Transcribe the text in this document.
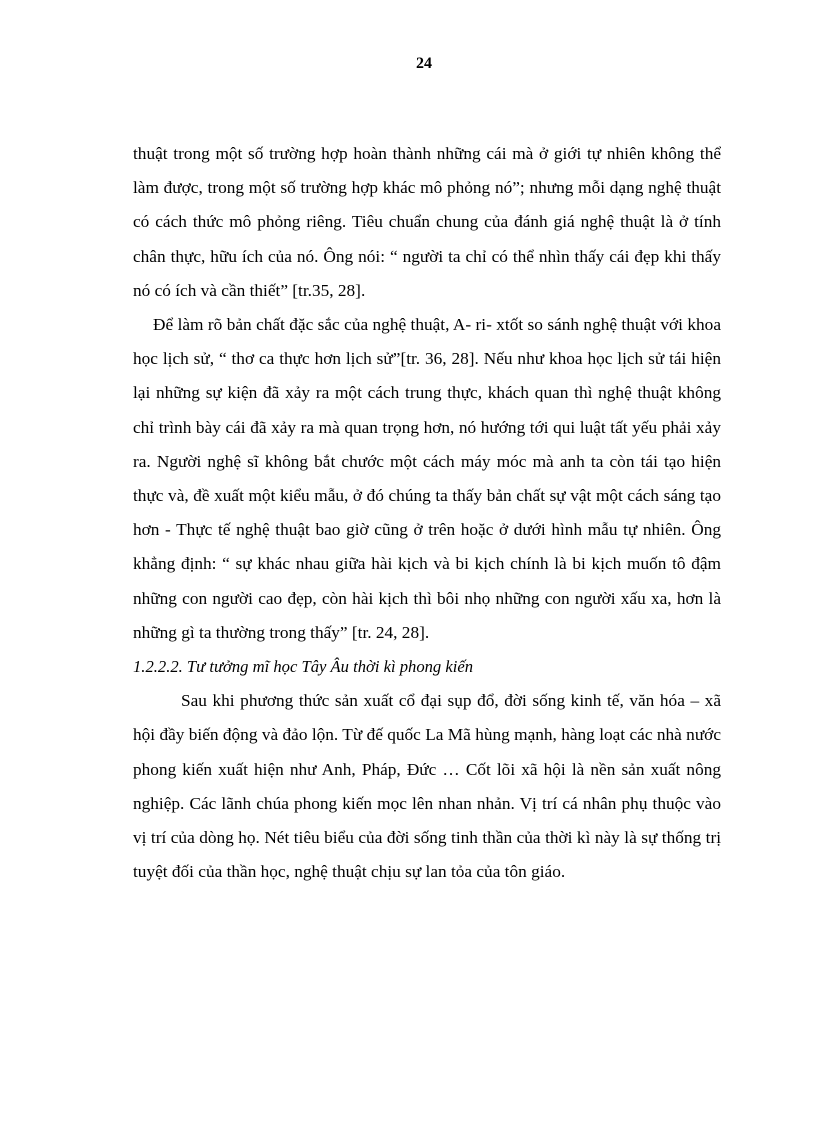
24

thuật trong một số trường hợp hoàn thành những cái mà ở giới tự nhiên không thể làm được, trong một số trường hợp khác mô phỏng nó”; nhưng mỗi dạng nghệ thuật có cách thức mô phỏng riêng. Tiêu chuẩn chung của đánh giá nghệ thuật là ở tính chân thực, hữu ích của nó. Ông nói: “ người ta chỉ có thể nhìn thấy cái đẹp khi thấy nó có ích và cần thiết” [tr.35, 28].

Để làm rõ bản chất đặc sắc của nghệ thuật, A- ri- xtốt so sánh nghệ thuật với khoa học lịch sử, “ thơ ca thực hơn lịch sử”[tr. 36, 28]. Nếu như khoa học lịch sử tái hiện lại những sự kiện đã xảy ra một cách trung thực, khách quan thì nghệ thuật không chỉ trình bày cái đã xảy ra mà quan trọng hơn, nó hướng tới qui luật tất yếu phải xảy ra. Người nghệ sĩ không bắt chước một cách máy móc mà anh ta còn tái tạo hiện thực và, đề xuất một kiểu mẫu, ở đó chúng ta thấy bản chất sự vật một cách sáng tạo hơn - Thực tế nghệ thuật bao giờ cũng ở trên hoặc ở dưới hình mẫu tự nhiên. Ông khẳng định: “ sự khác nhau giữa hài kịch và bi kịch chính là bi kịch muốn tô đậm những con người cao đẹp, còn hài kịch thì bôi nhọ những con người xấu xa, hơn là những gì ta thường trong thấy” [tr. 24, 28].

1.2.2.2. Tư tưởng mĩ học Tây Âu thời kì phong kiến

Sau khi phương thức sản xuất cổ đại sụp đổ, đời sống kinh tế, văn hóa – xã hội đầy biến động và đảo lộn. Từ đế quốc La Mã hùng mạnh, hàng loạt các nhà nước phong kiến xuất hiện như Anh, Pháp, Đức … Cốt lõi xã hội là nền sản xuất nông nghiệp. Các lãnh chúa phong kiến mọc lên nhan nhản. Vị trí cá nhân phụ thuộc vào vị trí của dòng họ. Nét tiêu biểu của đời sống tinh thần của thời kì này là sự thống trị tuyệt đối của thần học, nghệ thuật chịu sự lan tỏa của tôn giáo.
